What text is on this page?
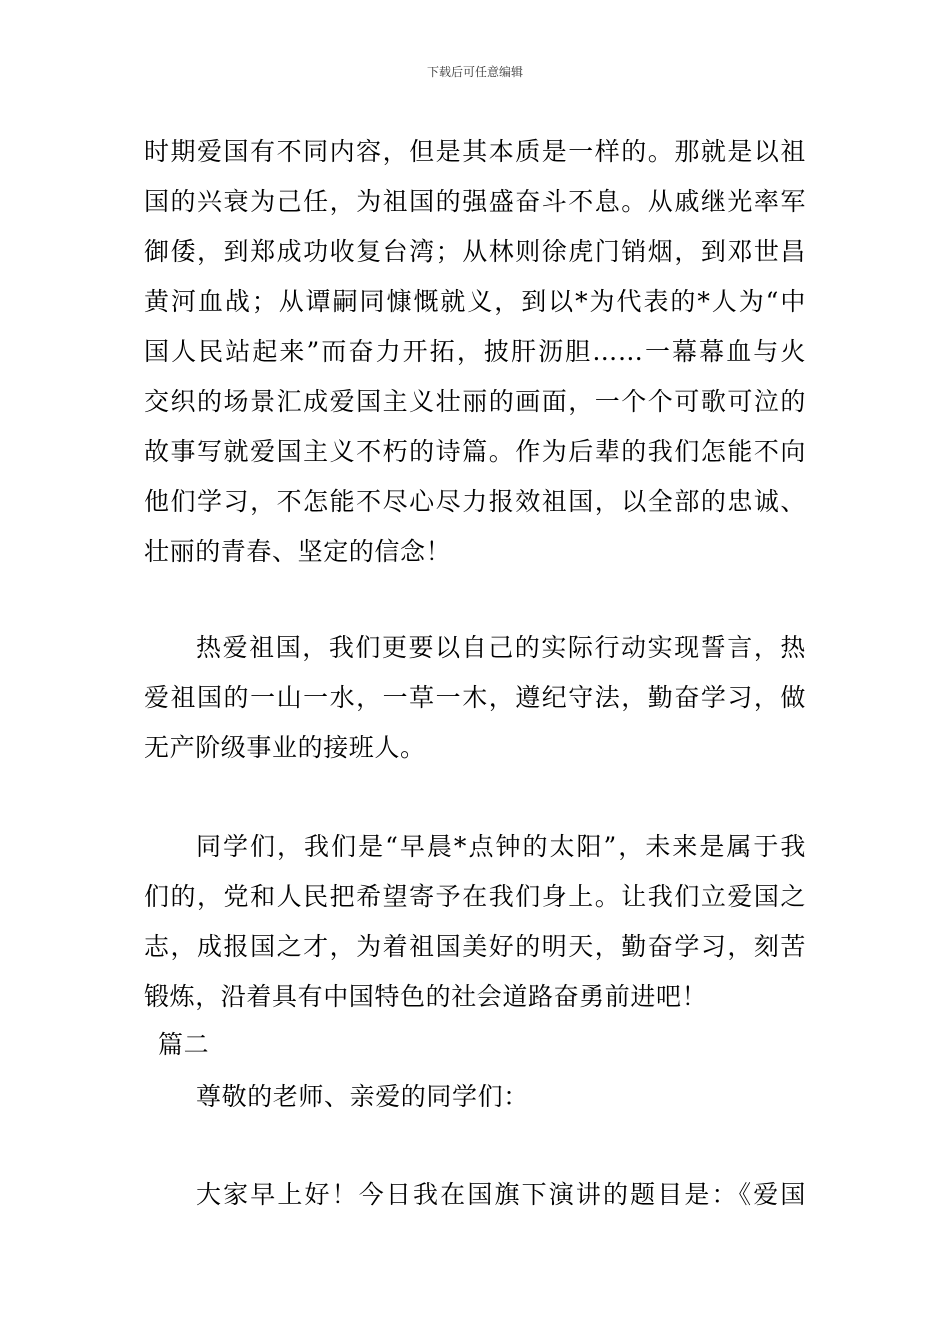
下载后可任意编辑
时期爱国有不同内容，但是其本质是一样的。那就是以祖
国的兴衰为己任，为祖国的强盛奋斗不息。从戚继光率军
御倭，到郑成功收复台湾；从林则徐虎门销烟，到邓世昌
黄河血战；从谭嗣同慷慨就义，到以*为代表的*人为“中
国人民站起来”而奋力开拓，披肝沥胆……一幕幕血与火
交织的场景汇成爱国主义壮丽的画面，一个个可歌可泣的
故事写就爱国主义不朽的诗篇。作为后辈的我们怎能不向
他们学习，不怎能不尽心尽力报效祖国，以全部的忠诚、
壮丽的青春、坚定的信念！
热爱祖国，我们更要以自己的实际行动实现誓言，热
爱祖国的一山一水，一草一木，遵纪守法，勤奋学习，做
无产阶级事业的接班人。
同学们，我们是“早晨*点钟的太阳”，未来是属于我
们的，党和人民把希望寄予在我们身上。让我们立爱国之
志，成报国之才，为着祖国美好的明天，勤奋学习，刻苦
锻炼，沿着具有中国特色的社会道路奋勇前进吧！
篇二
尊敬的老师、亲爱的同学们：
大家早上好！今日我在国旗下演讲的题目是：《爱国
